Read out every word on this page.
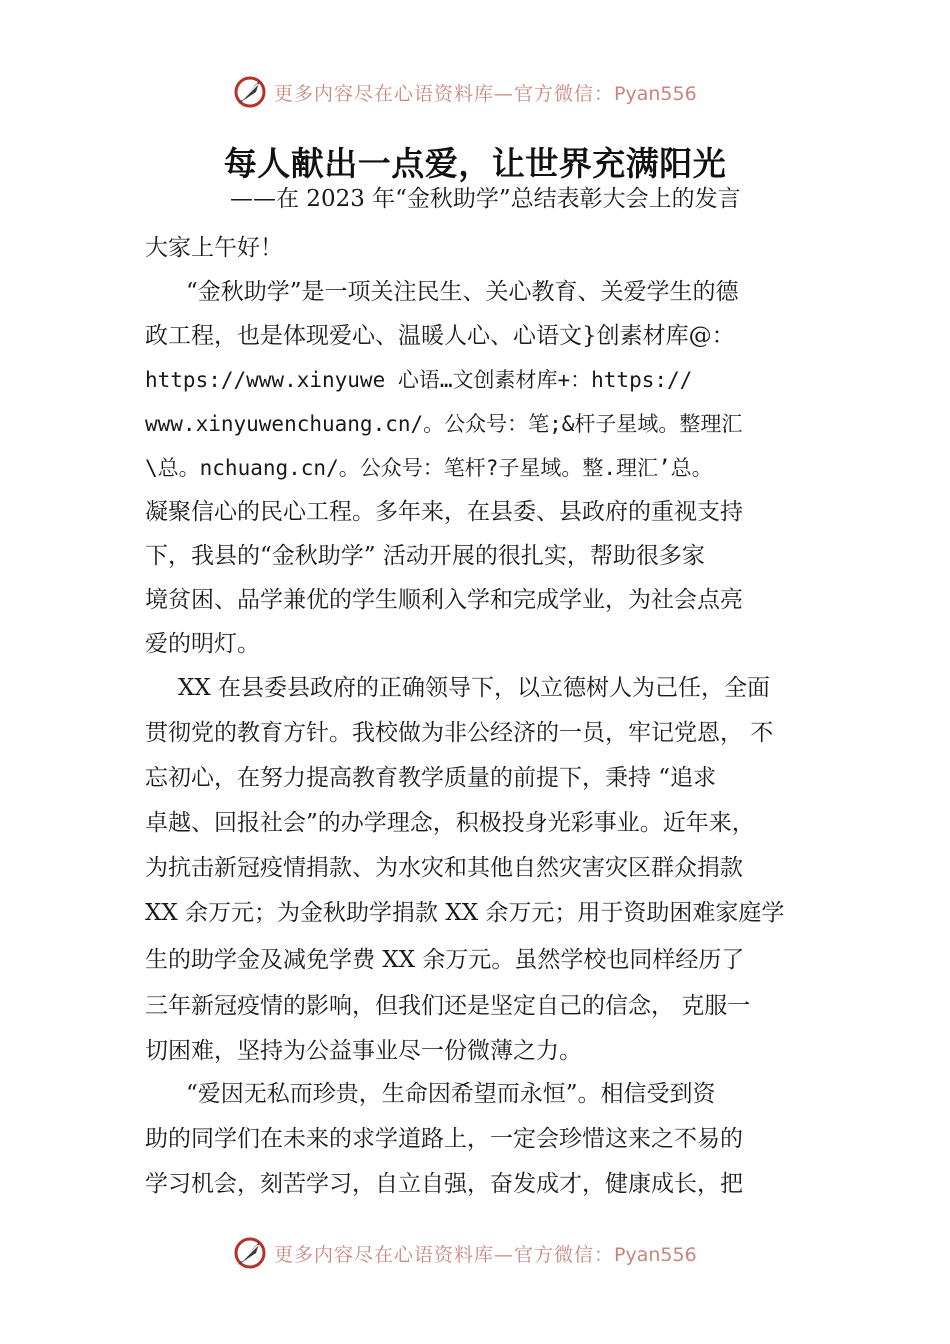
更多内容尽在心语资料库—官方微信：Pyan556
每人献出一点爱，让世界充满阳光
——在 2023 年“金秋助学”总结表彰大会上的发言
大家上午好！
“金秋助学”是一项关注民生、关心教育、关爱学生的德
政工程，也是体现爱心、温暖人心、心语文}创素材库@：
https://www.xinyuwe 心语…文创素材库+：https://
www.xinyuwenchuang.cn/。公众号：笔;&杆子星域。整理汇
\总。nchuang.cn/。公众号：笔杆?子星域。整.理汇’总。
凝聚信心的民心工程。多年来，在县委、县政府的重视支持
下，我县的“金秋助学” 活动开展的很扎实，帮助很多家
境贫困、品学兼优的学生顺利入学和完成学业，为社会点亮
爱的明灯。
XX 在县委县政府的正确领导下，以立德树人为己任，全面
贯彻党的教育方针。我校做为非公经济的一员，牢记党恩， 不
忘初心，在努力提高教育教学质量的前提下，秉持 “追求
卓越、回报社会”的办学理念，积极投身光彩事业。近年来，
为抗击新冠疫情捐款、为水灾和其他自然灾害灾区群众捐款
XX 余万元；为金秋助学捐款 XX 余万元；用于资助困难家庭学
生的助学金及减免学费 XX 余万元。虽然学校也同样经历了
三年新冠疫情的影响，但我们还是坚定自己的信念， 克服一
切困难，坚持为公益事业尽一份微薄之力。
“爱因无私而珍贵，生命因希望而永恒”。相信受到资
助的同学们在未来的求学道路上，一定会珍惜这来之不易的
学习机会，刻苦学习，自立自强，奋发成才，健康成长，把
更多内容尽在心语资料库—官方微信：Pyan556
